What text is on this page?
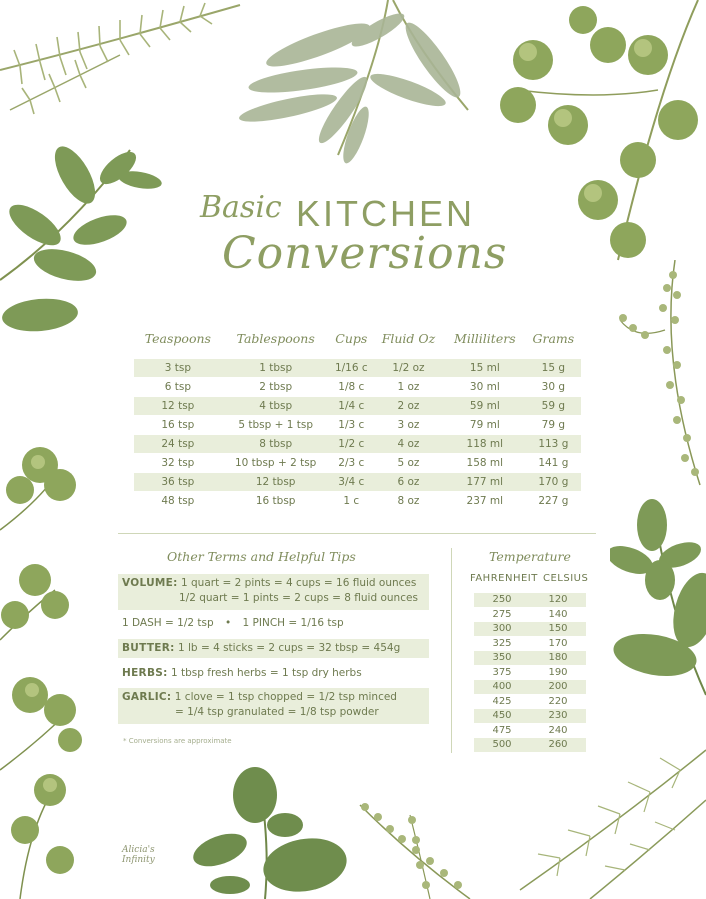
Basic KITCHEN
Conversions
Teaspoons	Tablespoons	Cups	Fluid Oz	Milliliters	Grams
3 tsp	1 tbsp	1/16 c	1/2 oz	15 ml	15 g
6 tsp	2 tbsp	1/8 c	1 oz	30 ml	30 g
12 tsp	4 tbsp	1/4 c	2 oz	59 ml	59 g
16 tsp	5 tbsp + 1 tsp	1/3 c	3 oz	79 ml	79 g
24 tsp	8 tbsp	1/2 c	4 oz	118 ml	113 g
32 tsp	10 tbsp + 2 tsp	2/3 c	5 oz	158 ml	141 g
36 tsp	12 tbsp	3/4 c	6 oz	177 ml	170 g
48 tsp	16 tbsp	1 c	8 oz	237 ml	227 g
Other Terms and Helpful Tips
VOLUME: 1 quart = 2 pints = 4 cups = 16 fluid ounces
1/2 quart = 1 pints = 2 cups = 8 fluid ounces
1 DASH = 1/2 tsp • 1 PINCH = 1/16 tsp
BUTTER: 1 lb = 4 sticks = 2 cups = 32 tbsp = 454g
HERBS: 1 tbsp fresh herbs = 1 tsp dry herbs
GARLIC: 1 clove = 1 tsp chopped = 1/2 tsp minced
= 1/4 tsp granulated = 1/8 tsp powder
* Conversions are approximate
Temperature
FAHRENHEIT CELSIUS
250	120
275	140
300	150
325	170
350	180
375	190
400	200
425	220
450	230
475	240
500	260
Alicia's
Infinity
